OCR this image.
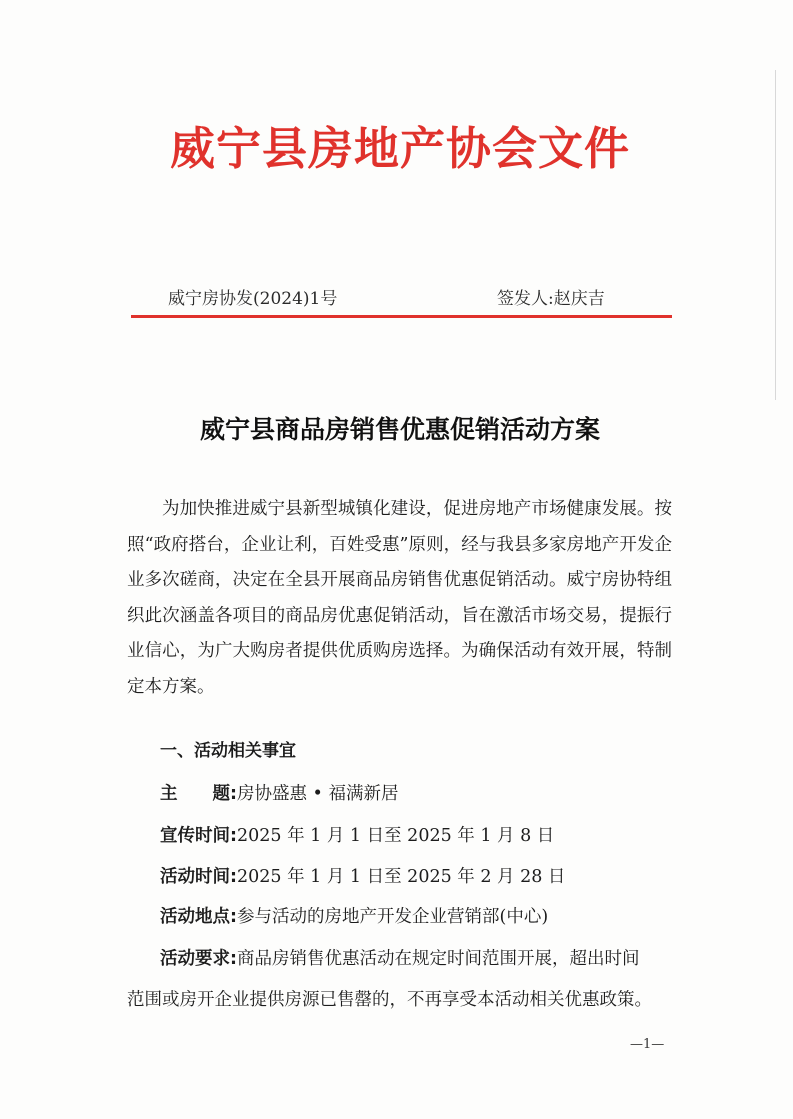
威宁县房地产协会文件
威宁房协发(2024)1号	签发人:赵庆吉
威宁县商品房销售优惠促销活动方案
为加快推进威宁县新型城镇化建设，促进房地产市场健康发展。按照“政府搭台，企业让利，百姓受惠”原则，经与我县多家房地产开发企业多次磋商，决定在全县开展商品房销售优惠促销活动。威宁房协特组织此次涵盖各项目的商品房优惠促销活动，旨在激活市场交易，提振行业信心，为广大购房者提供优质购房选择。为确保活动有效开展，特制定本方案。
一、活动相关事宜
主　　题:房协盛惠 • 福满新居
宣传时间:2025 年 1 月 1 日至 2025 年 1 月 8 日
活动时间:2025 年 1 月 1 日至 2025 年 2 月 28 日
活动地点:参与活动的房地产开发企业营销部(中心)
活动要求:商品房销售优惠活动在规定时间范围开展，超出时间
范围或房开企业提供房源已售罄的，不再享受本活动相关优惠政策。
—1—
